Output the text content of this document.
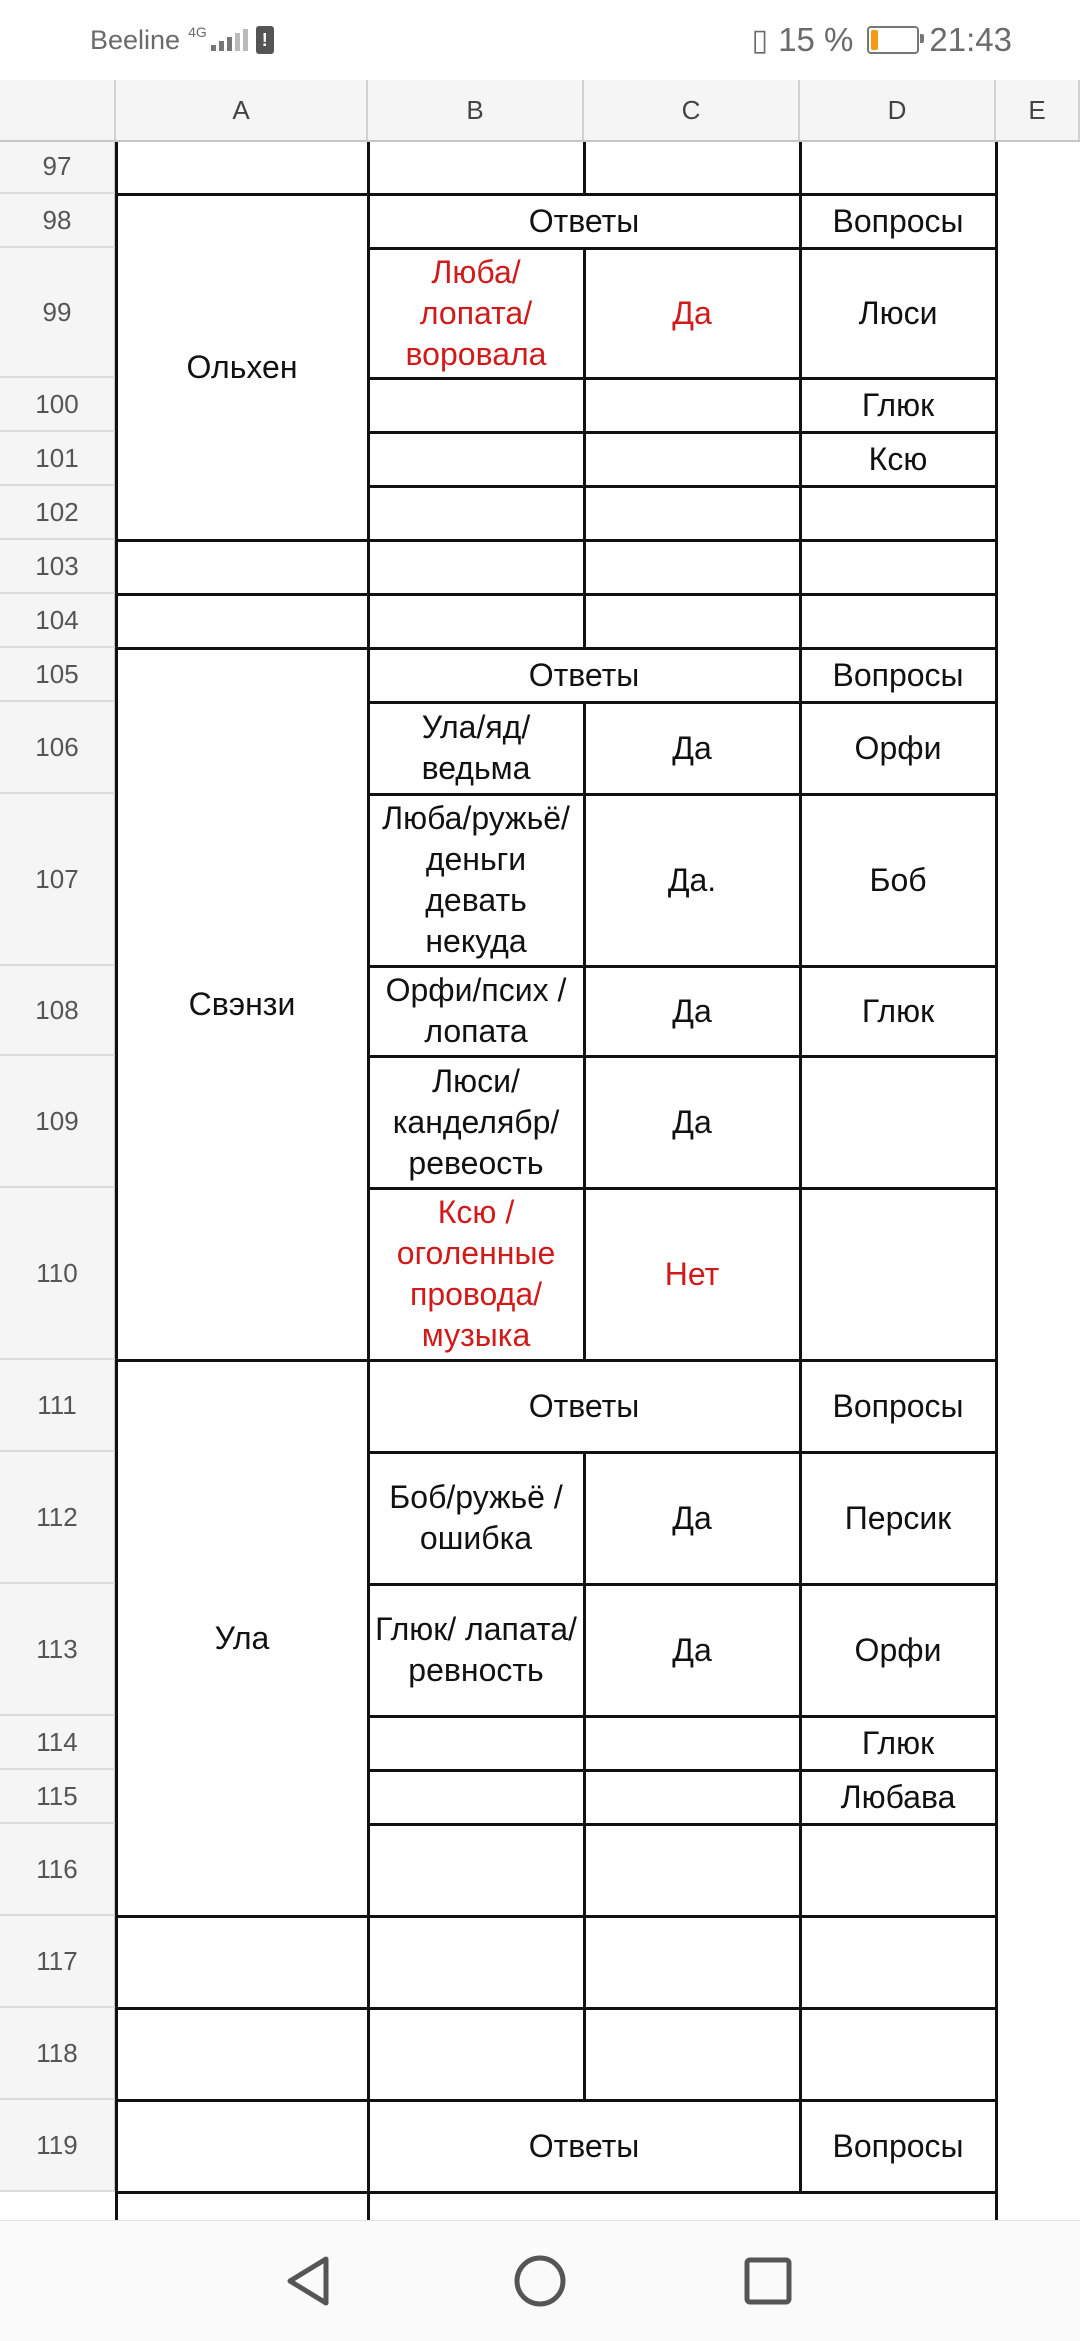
Beeline 4G
!	▯ 15 % 21:43
97
98
99
100
101
102
103
104
105
106
107
108
109
110
111
112
113
114
115
116
117
118
119
Ольхен
Ответы	Вопросы
Люба/ лопата/ воровала
Да	Люси
Глюк
Ксю
Свэнзи
Ответы	Вопросы
Ула/яд/ ведьма
Да	Орфи
Люба/ружьё/ деньги девать некуда
Да.	Боб
Орфи/псих / лопата
Да	Глюк
Люси/ канделябр/ ревеость
Да
Ксю / оголенные провода/ музыка
Нет
Ула
Ответы	Вопросы
Боб/ружьё / ошибка
Да	Персик
Глюк/ лапата/ ревность
Да	Орфи
Глюк
Любава
Ответы	Вопросы
A	B	C	D	E
